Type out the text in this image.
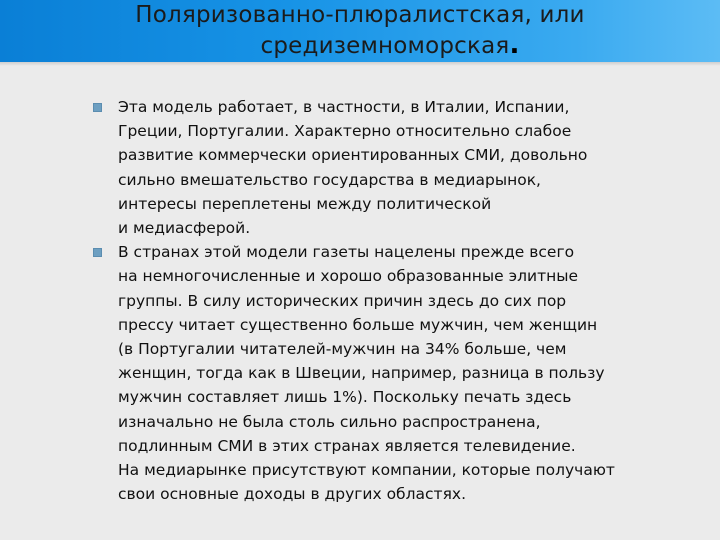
Поляризованно-плюралистская, или
средиземноморская.
Эта модель работает, в частности, в Италии, Испании,
Греции, Португалии. Характерно относительно слабое
развитие коммерчески ориентированных СМИ, довольно
сильно вмешательство государства в медиарынок,
интересы переплетены между политической
и медиасферой.
В странах этой модели газеты нацелены прежде всего
на немногочисленные и хорошо образованные элитные
группы. В силу исторических причин здесь до сих пор
прессу читает существенно больше мужчин, чем женщин
(в Португалии читателей-мужчин на 34% больше, чем
женщин, тогда как в Швеции, например, разница в пользу
мужчин составляет лишь 1%). Поскольку печать здесь
изначально не была столь сильно распространена,
подлинным СМИ в этих странах является телевидение.
На медиарынке присутствуют компании, которые получают
свои основные доходы в других областях.
